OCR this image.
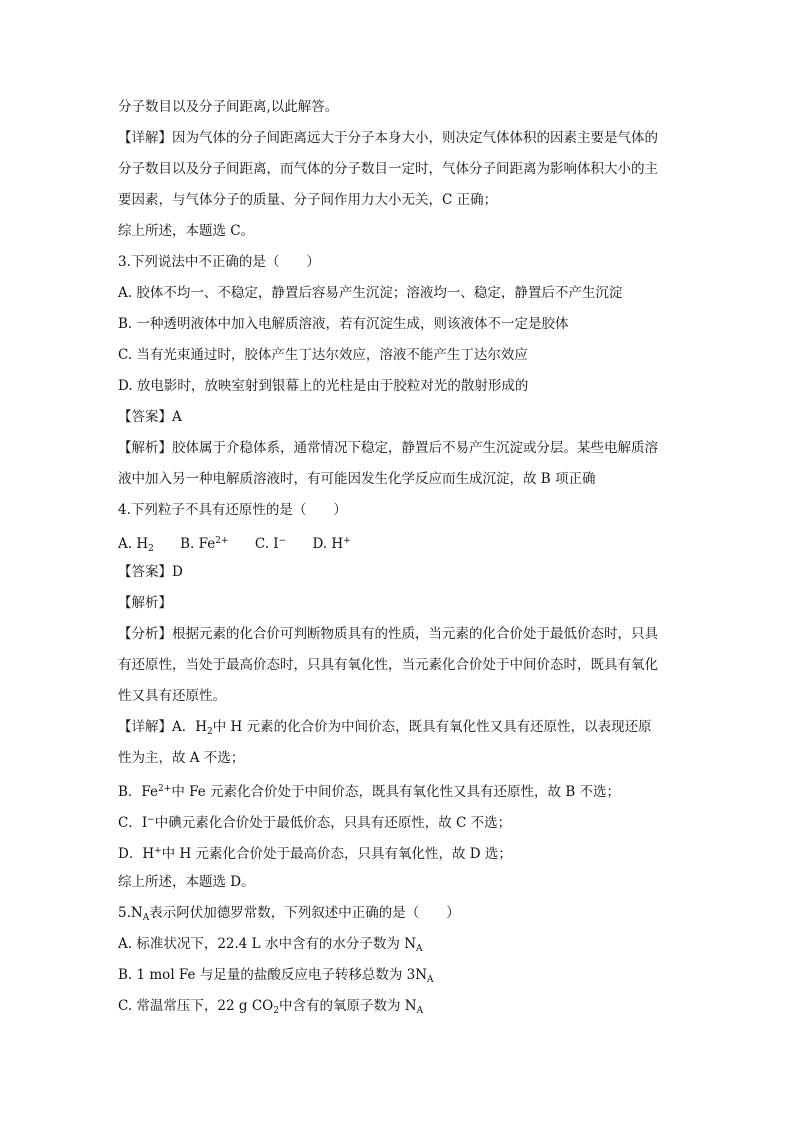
分子数目以及分子间距离,以此解答。
【详解】因为气体的分子间距离远大于分子本身大小，则决定气体体积的因素主要是气体的
分子数目以及分子间距离，而气体的分子数目一定时，气体分子间距离为影响体积大小的主
要因素，与气体分子的质量、分子间作用力大小无关，C 正确；
综上所述，本题选 C。
3.下列说法中不正确的是（　　）
A. 胶体不均一、不稳定，静置后容易产生沉淀；溶液均一、稳定，静置后不产生沉淀
B. 一种透明液体中加入电解质溶液，若有沉淀生成，则该液体不一定是胶体
C. 当有光束通过时，胶体产生丁达尔效应，溶液不能产生丁达尔效应
D. 放电影时，放映室射到银幕上的光柱是由于胶粒对光的散射形成的
【答案】A
【解析】胶体属于介稳体系，通常情况下稳定，静置后不易产生沉淀或分层。某些电解质溶
液中加入另一种电解质溶液时，有可能因发生化学反应而生成沉淀，故 B 项正确
4.下列粒子不具有还原性的是（　　）
A. $H_2$ B. $Fe^{2+}$ C. I− D. H+
【答案】D
【解析】
【分析】根据元素的化合价可判断物质具有的性质，当元素的化合价处于最低价态时，只具
有还原性，当处于最高价态时，只具有氧化性，当元素化合价处于中间价态时，既具有氧化
性又具有还原性。
【详解】A．$H_2$中 H 元素的化合价为中间价态，既具有氧化性又具有还原性，以表现还原
性为主，故 A 不选；
B．$Fe^{2+}$中 Fe 元素化合价处于中间价态，既具有氧化性又具有还原性，故 B 不选；
C．I−中碘元素化合价处于最低价态，只具有还原性，故 C 不选；
D．H+中 H 元素化合价处于最高价态，只具有氧化性，故 D 选；
综上所述，本题选 D。
$5.N_A$表示阿伏加德罗常数，下列叙述中正确的是（　　）
A. 标准状况下，22.4 L 水中含有的水分子数为 $N_A$
B. 1 mol Fe 与足量的盐酸反应电子转移总数为 $3N_A$
C. 常温常压下，22 g $CO_2$中含有的氧原子数为 $N_A$
